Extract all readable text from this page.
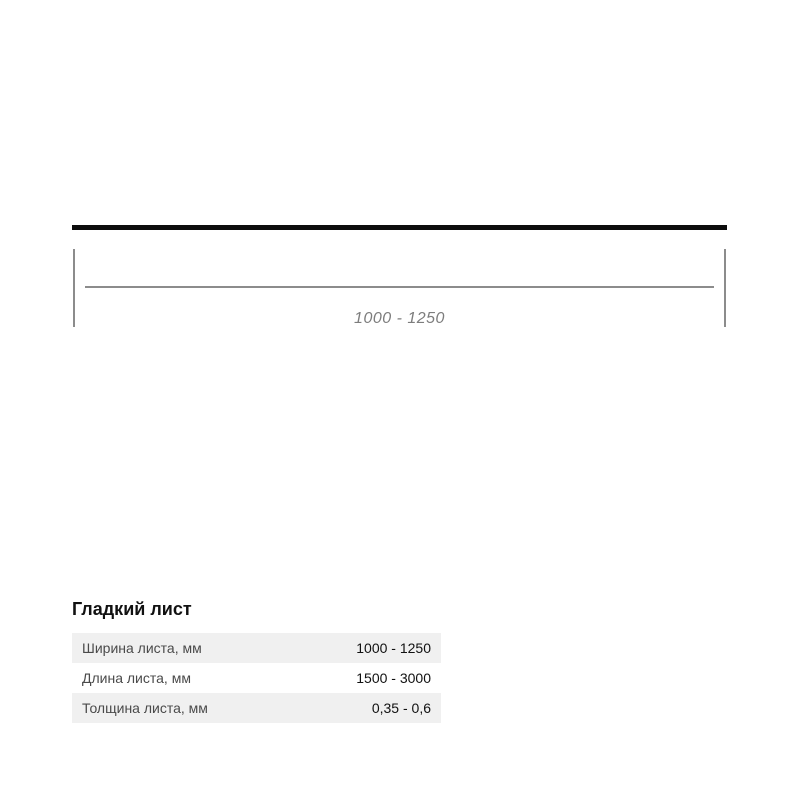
1000 - 1250
Гладкий лист
Ширина листа, мм	1000 - 1250
Длина листа, мм	1500 - 3000
Толщина листа, мм	0,35 - 0,6
